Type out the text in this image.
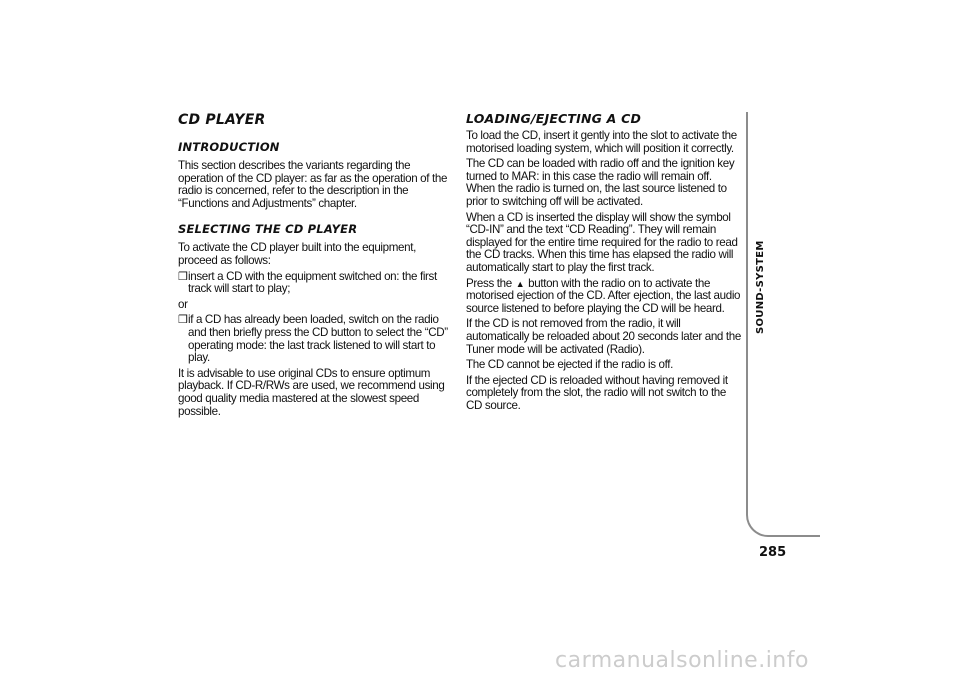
CD PLAYER
INTRODUCTION

This section describes the variants regarding the operation of the CD player: as far as the operation of the radio is concerned, refer to the description in the “Functions and Adjustments” chapter.

SELECTING THE CD PLAYER

To activate the CD player built into the equipment, proceed as follows:

❒ insert a CD with the equipment switched on: the first track will start to play;

or

❒ if a CD has already been loaded, switch on the radio and then briefly press the CD button to select the “CD” operating mode: the last track listened to will start to play.

It is advisable to use original CDs to ensure optimum playback. If CD-R/RWs are used, we recommend using good quality media mastered at the slowest speed possible.

LOADING/EJECTING A CD

To load the CD, insert it gently into the slot to activate the motorised loading system, which will position it correctly.

The CD can be loaded with radio off and the ignition key turned to MAR: in this case the radio will remain off. When the radio is turned on, the last source listened to prior to switching off will be activated.

When a CD is inserted the display will show the symbol “CD-IN” and the text “CD Reading”. They will remain displayed for the entire time required for the radio to read the CD tracks. When this time has elapsed the radio will automatically start to play the first track.

Press the ▲ button with the radio on to activate the motorised ejection of the CD. After ejection, the last audio source listened to before playing the CD will be heard.

If the CD is not removed from the radio, it will automatically be reloaded about 20 seconds later and the Tuner mode will be activated (Radio).

The CD cannot be ejected if the radio is off.

If the ejected CD is reloaded without having removed it completely from the slot, the radio will not switch to the CD source.

SOUND-SYSTEM
285
carmanualsonline.info
